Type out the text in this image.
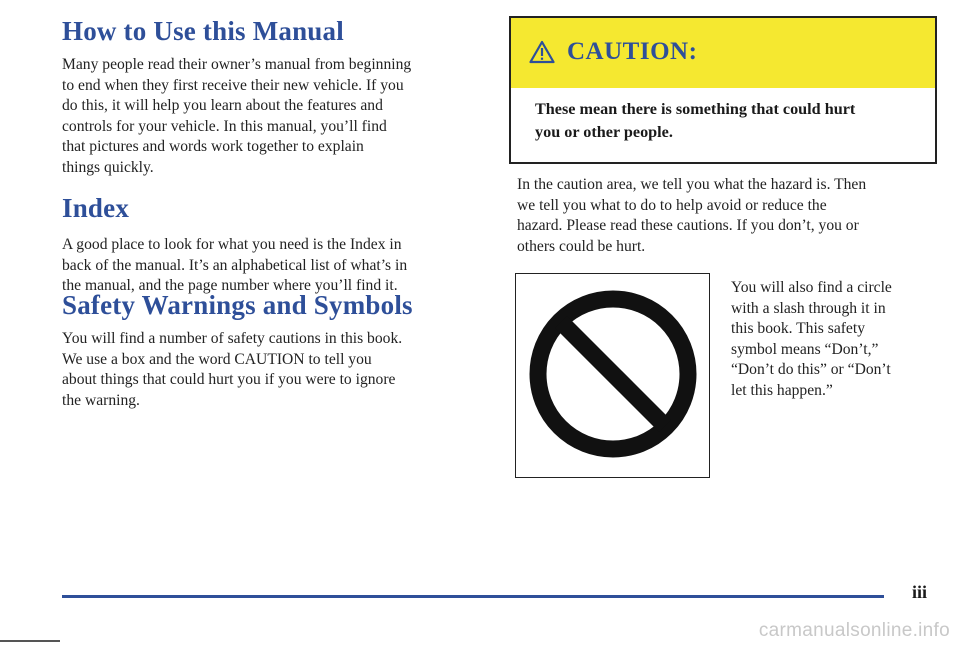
How to Use this Manual
Many people read their owner’s manual from beginning
to end when they first receive their new vehicle. If you
do this, it will help you learn about the features and
controls for your vehicle. In this manual, you’ll find
that pictures and words work together to explain
things quickly.
Index
A good place to look for what you need is the Index in
back of the manual. It’s an alphabetical list of what’s in
the manual, and the page number where you’ll find it.
Safety Warnings and Symbols
You will find a number of safety cautions in this book.
We use a box and the word CAUTION to tell you
about things that could hurt you if you were to ignore
the warning.
CAUTION:
These mean there is something that could hurt
you or other people.
In the caution area, we tell you what the hazard is. Then
we tell you what to do to help avoid or reduce the
hazard. Please read these cautions. If you don’t, you or
others could be hurt.
You will also find a circle
with a slash through it in
this book. This safety
symbol means “Don’t,”
“Don’t do this” or “Don’t
let this happen.”
iii
carmanualsonline.info
